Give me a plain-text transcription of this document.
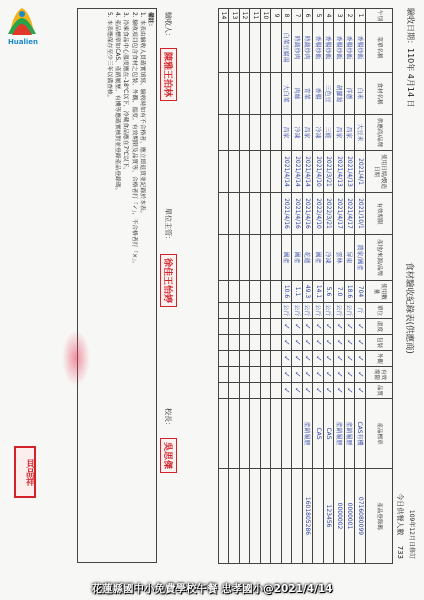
Hualien	驗收日期：110年 4月14 日
食材驗收紀錄表(供應商)
109年12月日修訂
今日供餐人數 733
午別	菜單名稱	食材名稱	供應商/品牌	使用日期/製造日期	有效期限	產地/來源/品牌	使用數量	單位	溫度	包裝	外觀	有效期限	品質	產品標章	產品登錄碼
1	香腸炒飯	白米	大豆米	2021/4/1	2021/10/1	農家/國產	704	斤	✓	✓	✓	✓	✓	CAS有機	0716080099
2	香腸炒飯	洋蔥	昌家	2021/4/13	2021/4/17	屏東	18.6	公斤	✓	✓	✓	✓	✓	產銷履歷	0000001
3	香腸炒飯	胡蘿蔔	昌家	2021/4/13	2021/4/17	雲林	7.0	公斤	✓	✓	✓	✓	✓	產銷履歷	0000002
4	香腸炒飯	三色豆	三能	2021/3/21	2022/3/21	冷凍	5.6	公斤	✓	✓	✓	✓	✓	CAS	123456
5	香腸炒飯	香腸	冷凍	2021/4/10	2022/4/10	國產	14.1	公斤	✓	✓	✓	✓	✓	CAS	
6	時蔬炒肉	青菜	昌家	2021/4/14	2021/4/16	花蓮	49.3	公斤	✓	✓	✓	✓	✓	產銷履歷	1601805286
7	時蔬炒肉	肉絲	冷凍	2021/4/14	2021/4/16	國產	1.1	公斤	✓	✓	✓	✓	✓		
8	白菜豆腐湯	大白菜	昌家	2021/4/14	2021/4/16	國產	10.6	公斤	✓	✓	✓	✓	✓		
9															
10															
11															
12															
13															
14															
驗收人：
陳雅王拍林
單位主管：
徐佳王怡婷
校長：
吳思傑
備註：
1. 本表由驗收人員確實填寫，驗收時如有不合格者，應立即退貨並記錄於本表。
2. 驗收項目包含食材之包裝、外觀、溫度、有效期限及品質等，合格者打「✓」，不合格者打「×」。
3. 冷凍食品中心溫度應在-18℃以下，冷藏食品應在7℃以下。
4. 產品標章如CAS、產銷履歷、有機等應確實核對並登錄產品登錄碼。
5. 本表應保存至少三年以備查核。
貝品祥
花蓮縣國中小免費學校午餐 忠孝國小@2021/4/14
